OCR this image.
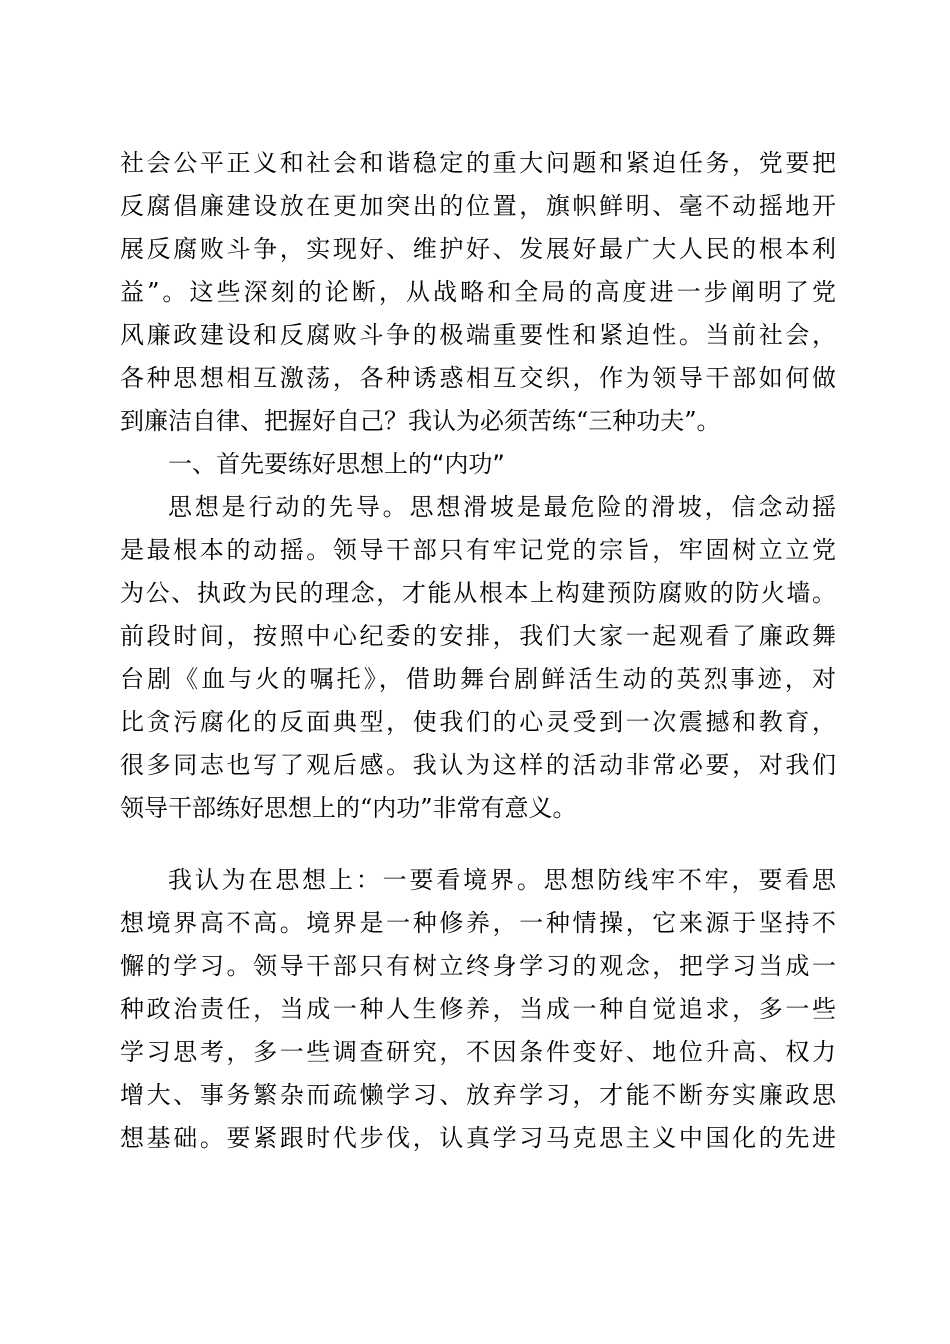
社会公平正义和社会和谐稳定的重大问题和紧迫任务，党要把
反腐倡廉建设放在更加突出的位置，旗帜鲜明、毫不动摇地开
展反腐败斗争，实现好、维护好、发展好最广大人民的根本利
益”。这些深刻的论断，从战略和全局的高度进一步阐明了党
风廉政建设和反腐败斗争的极端重要性和紧迫性。当前社会，
各种思想相互激荡，各种诱惑相互交织，作为领导干部如何做
到廉洁自律、把握好自己？我认为必须苦练“三种功夫”。
一、首先要练好思想上的“内功”
思想是行动的先导。思想滑坡是最危险的滑坡，信念动摇
是最根本的动摇。领导干部只有牢记党的宗旨，牢固树立立党
为公、执政为民的理念，才能从根本上构建预防腐败的防火墙。
前段时间，按照中心纪委的安排，我们大家一起观看了廉政舞
台剧《血与火的嘱托》，借助舞台剧鲜活生动的英烈事迹，对
比贪污腐化的反面典型，使我们的心灵受到一次震撼和教育，
很多同志也写了观后感。我认为这样的活动非常必要，对我们
领导干部练好思想上的“内功”非常有意义。
我认为在思想上：一要看境界。思想防线牢不牢，要看思
想境界高不高。境界是一种修养，一种情操，它来源于坚持不
懈的学习。领导干部只有树立终身学习的观念，把学习当成一
种政治责任，当成一种人生修养，当成一种自觉追求，多一些
学习思考，多一些调查研究，不因条件变好、地位升高、权力
增大、事务繁杂而疏懒学习、放弃学习，才能不断夯实廉政思
想基础。要紧跟时代步伐，认真学习马克思主义中国化的先进
